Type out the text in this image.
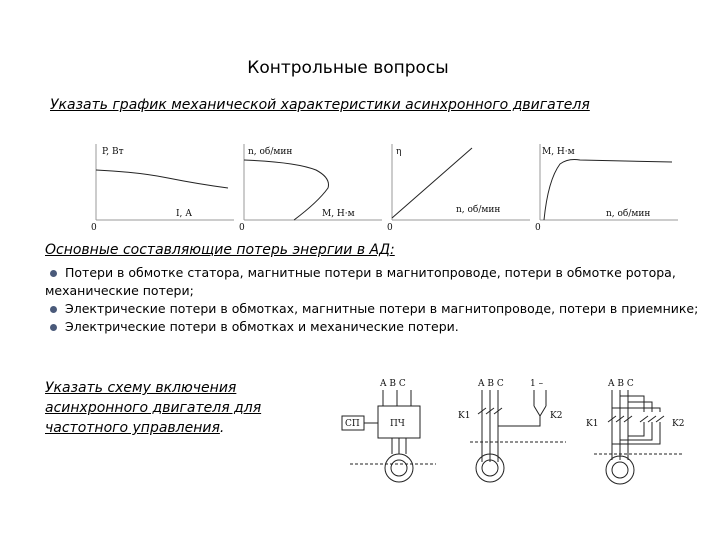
Контрольные вопросы
Указать график механической характеристики асинхронного двигателя
P, Вт
I, А
0
n, об/мин
M, Н·м
0
η
n, об/мин
0
M, Н·м
n, об/мин
0
Основные составляющие потерь энергии в АД:

Потери в обмотке статора, магнитные потери в магнитопроводе, потери в обмотке ротора, механические потери;

Электрические потери в обмотках, магнитные потери в магнитопроводе, потери в приемнике;

Электрические потери в обмотках и механические потери.

Указать схему включения
асинхронного двигателя для
частотного управления.
A B C
СП	ПЧ
A B C	1 –
K1	K2
A B C
K1	K2
